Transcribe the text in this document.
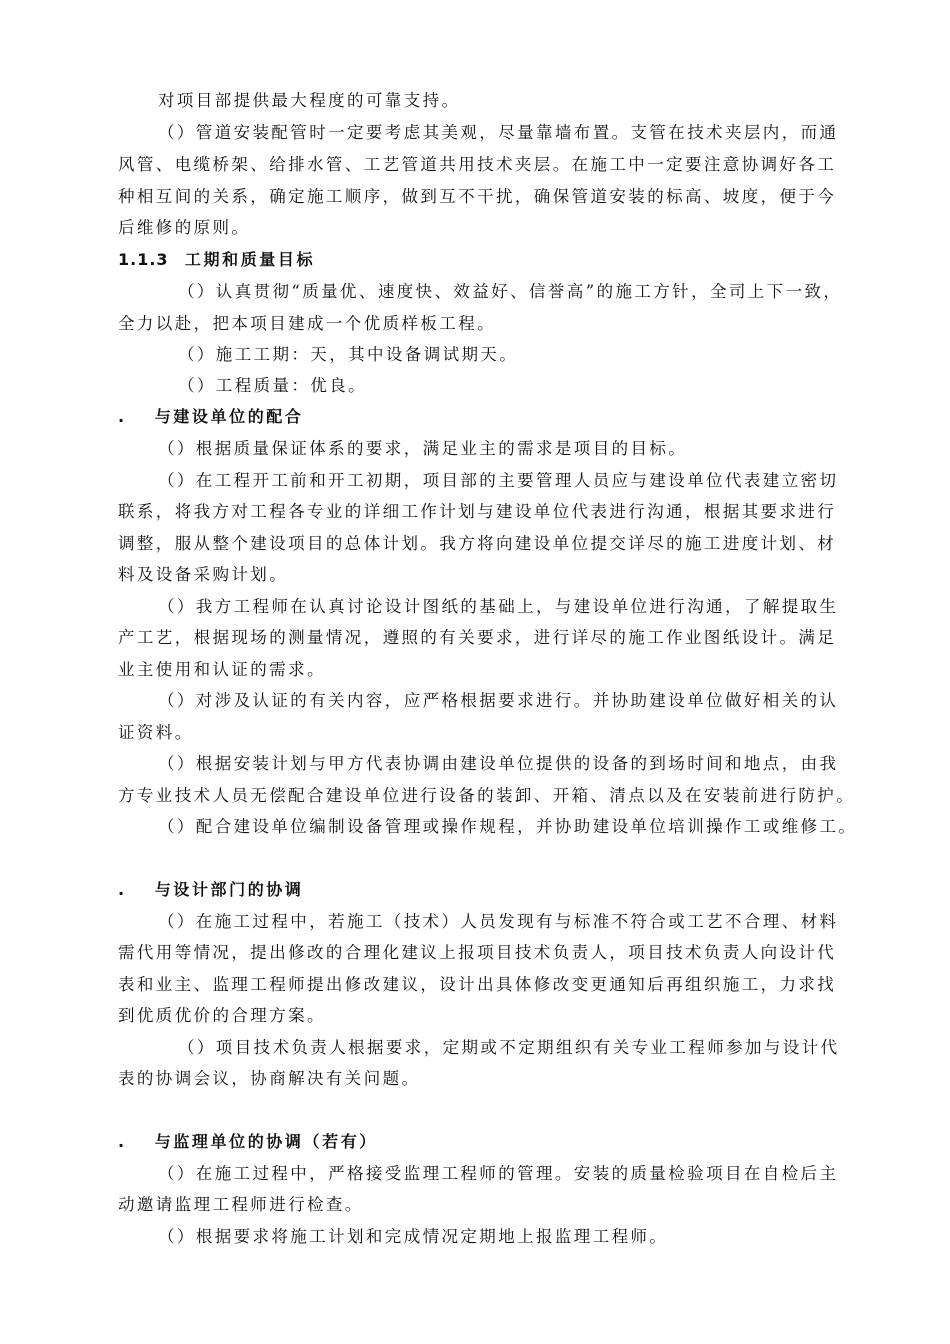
对项目部提供最大程度的可靠支持。
（）管道安装配管时一定要考虑其美观，尽量靠墙布置。支管在技术夹层内，而通
风管、电缆桥架、给排水管、工艺管道共用技术夹层。在施工中一定要注意协调好各工
种相互间的关系，确定施工顺序，做到互不干扰，确保管道安装的标高、坡度，便于今
后维修的原则。
1.1.3 工期和质量目标
（）认真贯彻“质量优、速度快、效益好、信誉高”的施工方针，全司上下一致，
全力以赴，把本项目建成一个优质样板工程。
（）施工工期：天，其中设备调试期天。
（）工程质量：优良。
. 与建设单位的配合
（）根据质量保证体系的要求，满足业主的需求是项目的目标。
（）在工程开工前和开工初期，项目部的主要管理人员应与建设单位代表建立密切
联系，将我方对工程各专业的详细工作计划与建设单位代表进行沟通，根据其要求进行
调整，服从整个建设项目的总体计划。我方将向建设单位提交详尽的施工进度计划、材
料及设备采购计划。
（）我方工程师在认真讨论设计图纸的基础上，与建设单位进行沟通，了解提取生
产工艺，根据现场的测量情况，遵照的有关要求，进行详尽的施工作业图纸设计。满足
业主使用和认证的需求。
（）对涉及认证的有关内容，应严格根据要求进行。并协助建设单位做好相关的认
证资料。
（）根据安装计划与甲方代表协调由建设单位提供的设备的到场时间和地点，由我
方专业技术人员无偿配合建设单位进行设备的装卸、开箱、清点以及在安装前进行防护。
（）配合建设单位编制设备管理或操作规程，并协助建设单位培训操作工或维修工。
. 与设计部门的协调
（）在施工过程中，若施工（技术）人员发现有与标准不符合或工艺不合理、材料
需代用等情况，提出修改的合理化建议上报项目技术负责人，项目技术负责人向设计代
表和业主、监理工程师提出修改建议，设计出具体修改变更通知后再组织施工，力求找
到优质优价的合理方案。
（）项目技术负责人根据要求，定期或不定期组织有关专业工程师参加与设计代
表的协调会议，协商解决有关问题。
. 与监理单位的协调（若有）
（）在施工过程中，严格接受监理工程师的管理。安装的质量检验项目在自检后主
动邀请监理工程师进行检查。
（）根据要求将施工计划和完成情况定期地上报监理工程师。
